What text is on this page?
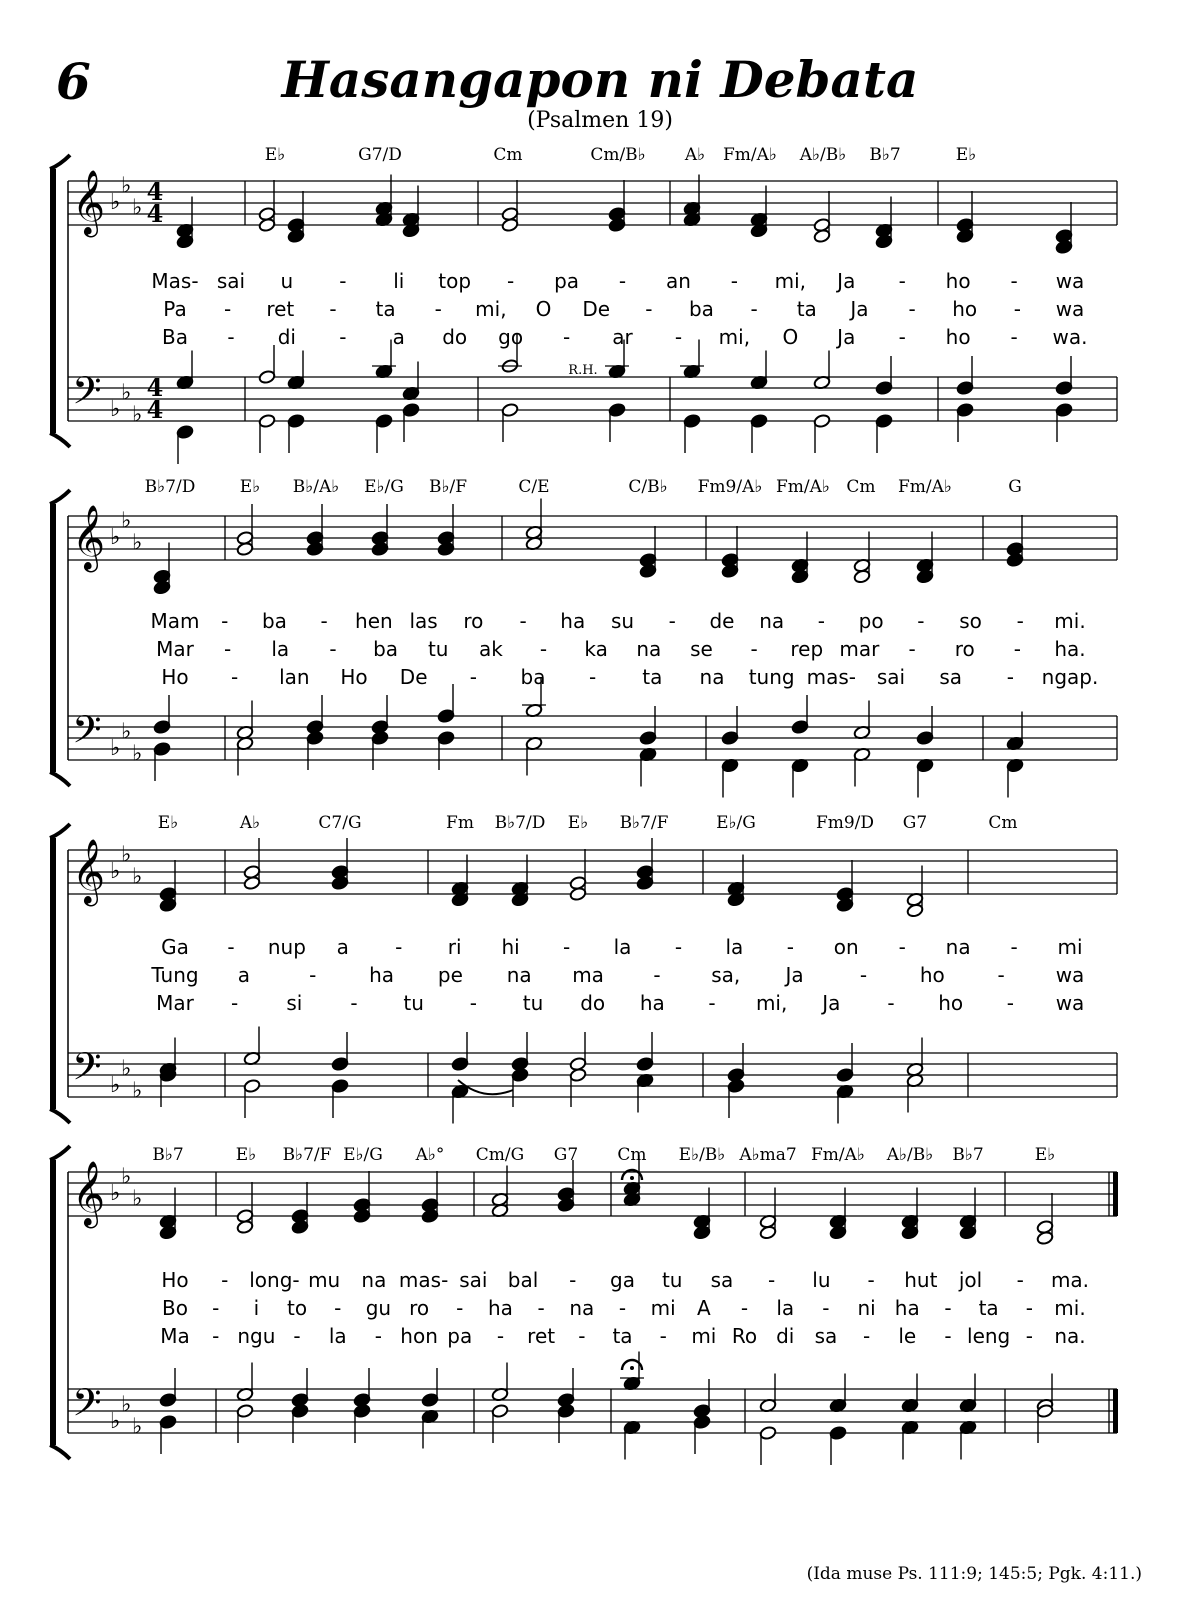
6	Hasangapon ni Debata
(Psalmen 19)
(Ida muse Ps. 111:9; 145:5; Pgk. 4:11.)
𝄞
𝄢
♭
♭
♭
♭
♭
♭
4
4
4
4
E♭	G7/D	Cm	Cm/B♭ A♭ Fm/A♭ A♭/B♭ B♭7	E♭
Mas- sai u - li top - pa - an - mi, Ja - ho - wa
Pa - ret - ta - mi, O De - ba - ta Ja - ho - wa
Ba - di - a do go - ar - mi, O Ja - ho - wa.
𝄞
𝄢
♭
♭
♭
♭
♭
♭
B♭7/D	E♭ B♭/A♭ E♭/G B♭/F	C/E	C/B♭ Fm9/A♭ Fm/A♭ Cm Fm/A♭	G
Mam - ba - hen las ro - ha su - de na - po - so - mi.
Mar - la - ba tu ak - ka na se - rep mar - ro - ha.
Ho - lan Ho De - ba - ta na tung mas- sai sa - ngap.
𝄞
𝄢
♭
♭
♭
♭
♭
♭
E♭	A♭	C7/G	Fm B♭7/D E♭ B♭7/F	E♭/G	Fm9/D G7	Cm
Ga - nup a - ri hi - la - la - on - na - mi
Tung a	-	ha pe na ma -	sa, Ja	-	ho	-	wa
Mar - si - tu - tu do ha - mi, Ja - ho - wa
𝄞
𝄢
♭
♭
♭
♭
♭
♭
B♭7	E♭ B♭7/F E♭/G A♭° Cm/G G7 Cm E♭/B♭ A♭ma7 Fm/A♭ A♭/B♭ B♭7	E♭
Ho - long- mu na mas- sai bal - ga tu sa - lu - hut jol - ma.
Bo - i to - gu ro - ha - na - mi A - la - ni ha - ta - mi.
Ma - ngu - la - hon pa - ret - ta - mi Ro di sa - le - leng - na.
R.H.
